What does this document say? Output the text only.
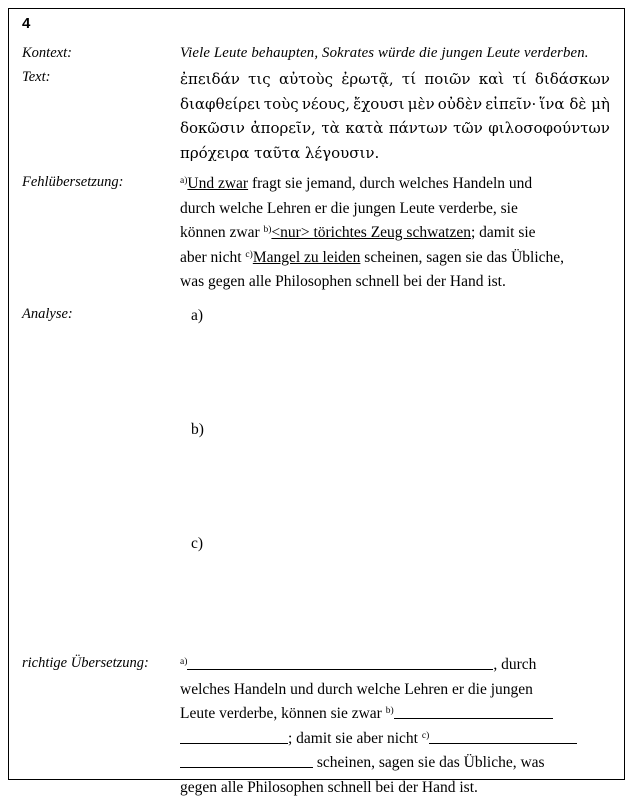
4
Kontext:	Viele Leute behaupten, Sokrates würde die jungen Leute verderben.
Text:	ἐπειδάν τις αὐτοὺς ἐρωτᾷ, τί ποιῶν καὶ τί διδάσκων
διαφθείρει τοὺς νέους, ἔχουσι μὲν οὐδὲν εἰπεῖν· ἵνα δὲ μὴ
δοκῶσιν ἀπορεῖν, τὰ κατὰ πάντων τῶν φιλοσοφούντων
πρόχειρα ταῦτα λέγουσιν.
Fehlübersetzung:	$^{a)}$Und zwar fragt sie jemand, durch welches Handeln und
durch welche Lehren er die jungen Leute verderbe, sie
können zwar $^{b)}$<nur> törichtes Zeug schwatzen; damit sie
aber nicht $^{c)}$Mangel zu leiden scheinen, sagen sie das Übliche,
was gegen alle Philosophen schnell bei der Hand ist.
Analyse:	a)
b)
c)
richtige Übersetzung:	$^{a)}$	, durch
welches Handeln und durch welche Lehren er die jungen
Leute verderbe, können sie zwar $^{b)}$
; damit sie aber nicht $^{c)}$
scheinen, sagen sie das Übliche, was
gegen alle Philosophen schnell bei der Hand ist.
